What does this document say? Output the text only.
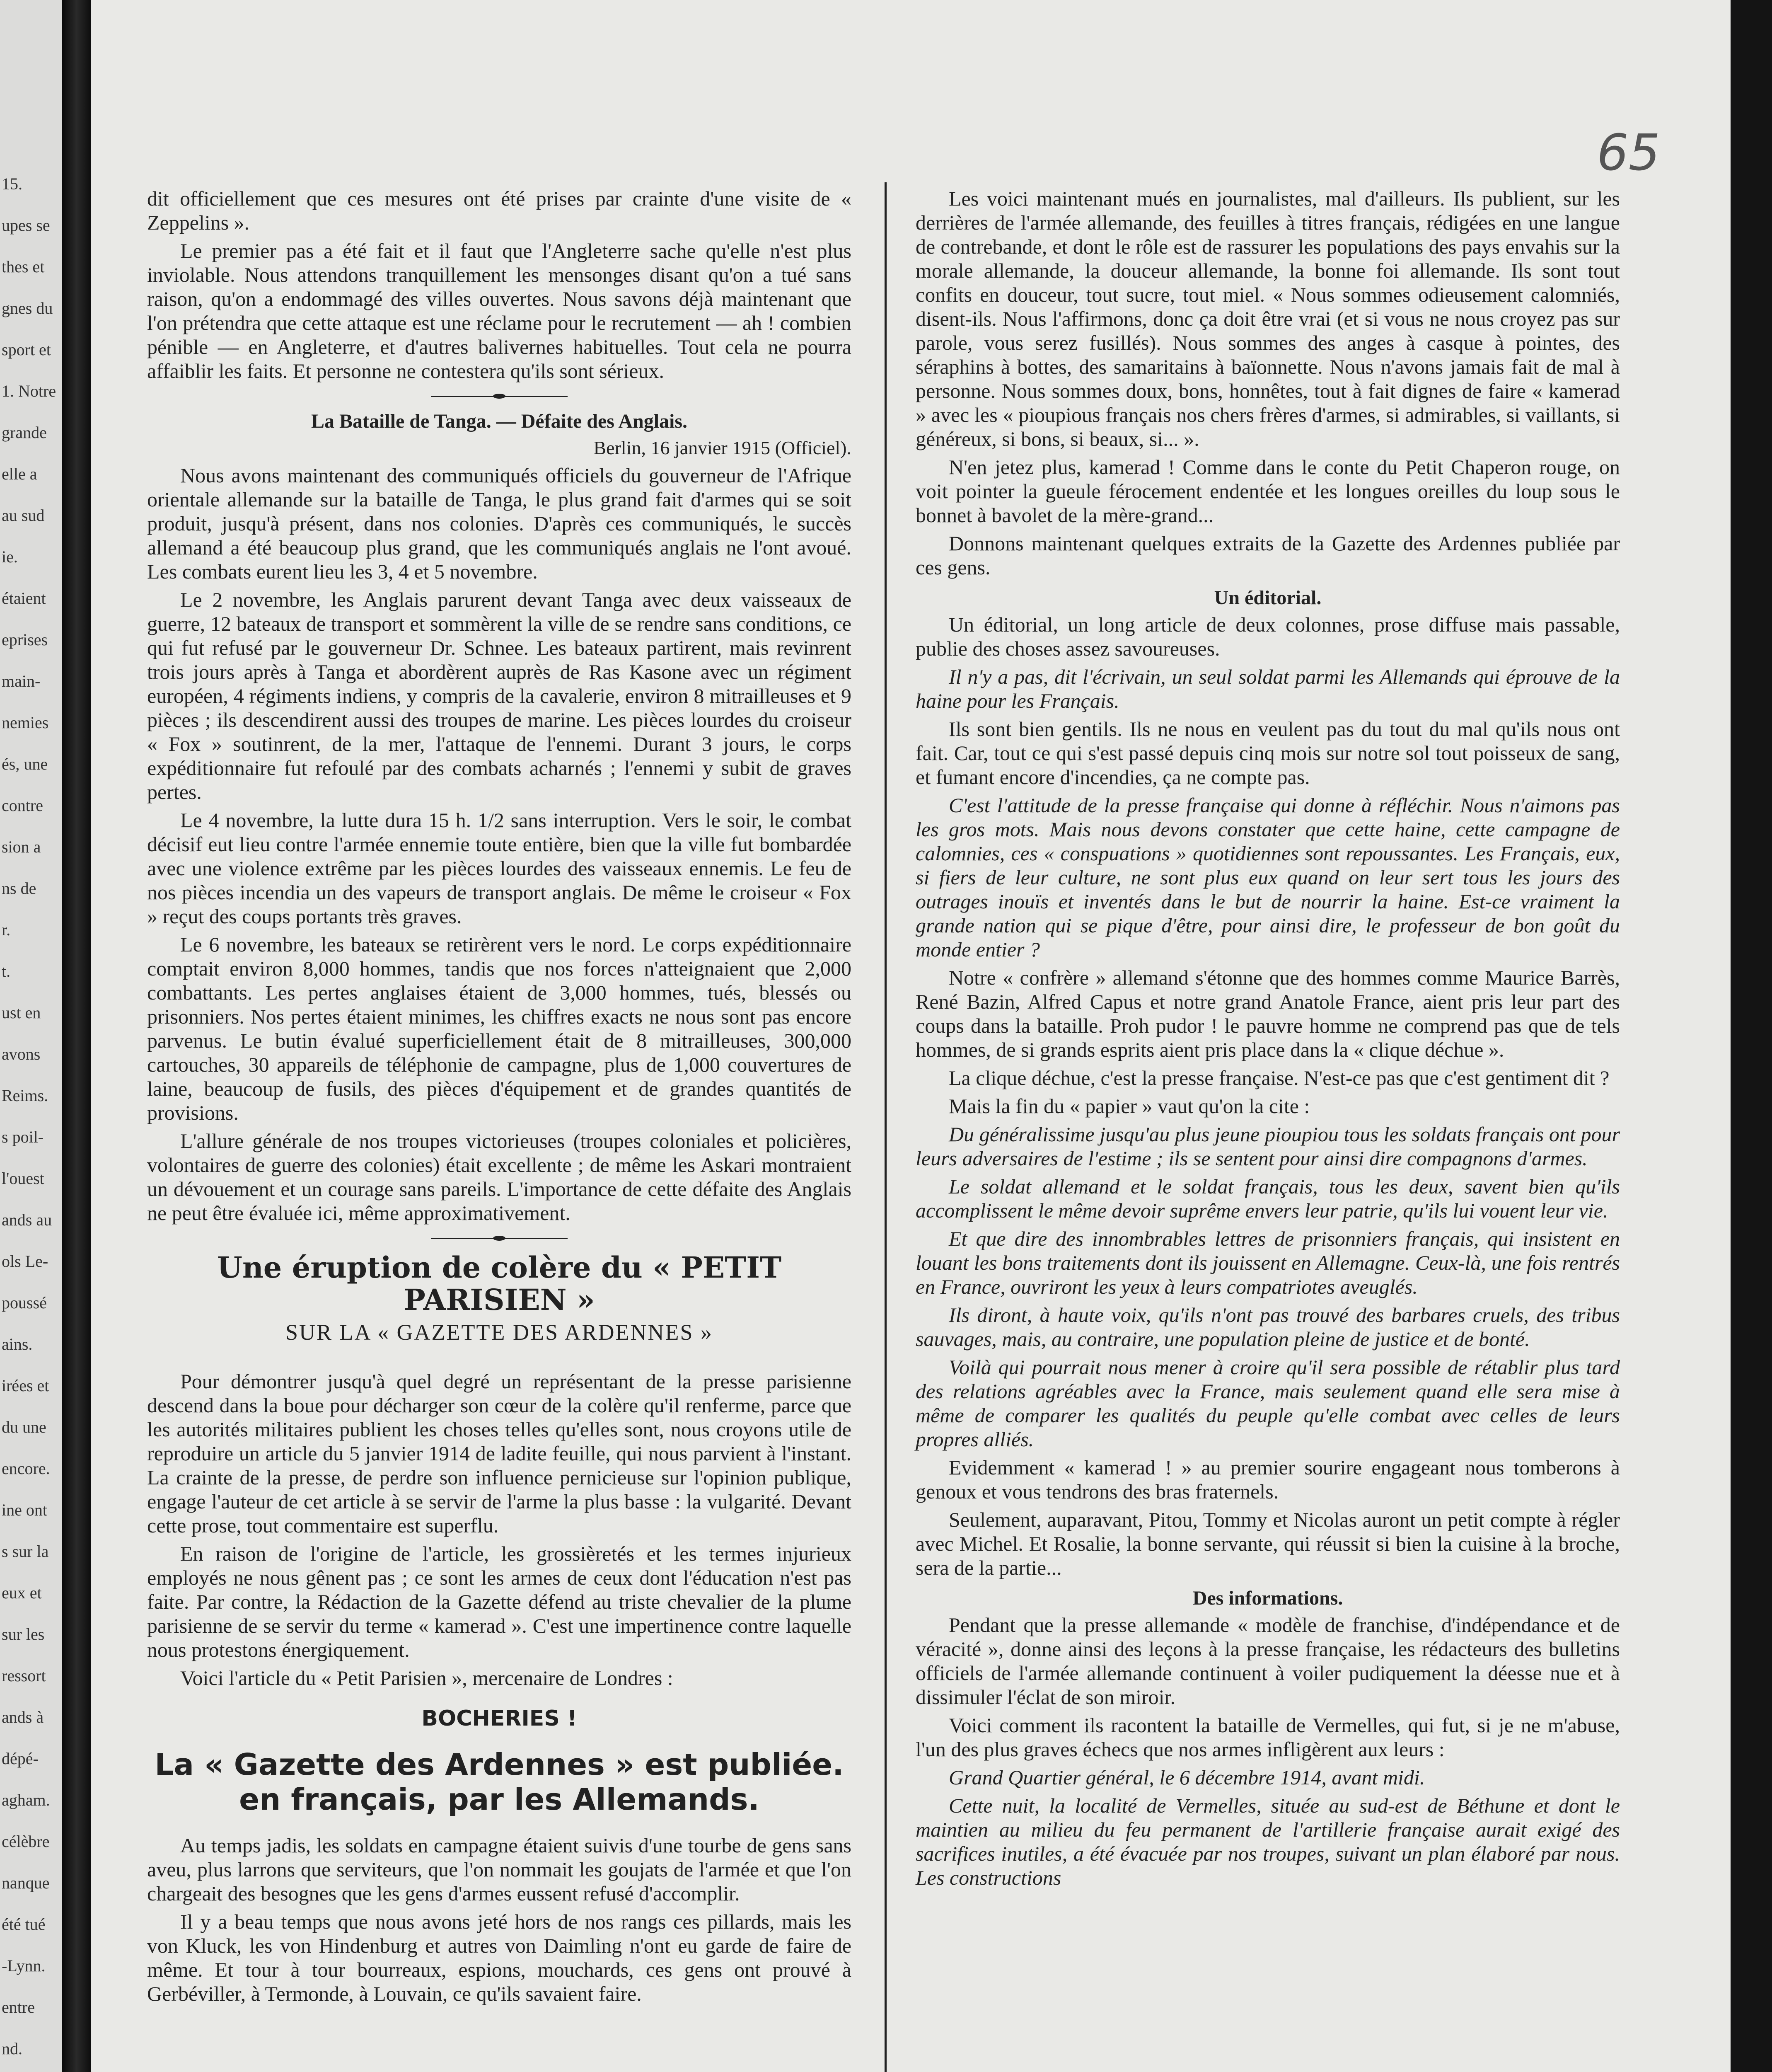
15.
upes se
thes et
gnes du
sport et
1. Notre
grande
elle a
au sud
ie.
étaient
eprises
main-
nemies
és, une
contre
sion a
ns de
r.
t.
ust en
avons
Reims.
s poil-
l'ouest
ands au
ols Le-
poussé
ains.
irées et
du une
encore.
ine ont
s sur la
eux et
sur les
ressort
ands à
dépé-
agham.
célèbre
nanque
été tué
-Lynn.
entre
nd.
65

dit officiellement que ces mesures ont été prises par crainte d'une visite de « Zeppelins ».

Le premier pas a été fait et il faut que l'Angleterre sache qu'elle n'est plus inviolable. Nous attendons tranquillement les mensonges disant qu'on a tué sans raison, qu'on a endommagé des villes ouvertes. Nous savons déjà maintenant que l'on prétendra que cette attaque est une réclame pour le recrutement — ah ! combien pénible — en Angleterre, et d'autres balivernes habituelles. Tout cela ne pourra affaiblir les faits. Et personne ne contestera qu'ils sont sérieux.

La Bataille de Tanga. — Défaite des Anglais.
Berlin, 16 janvier 1915 (Officiel).

Nous avons maintenant des communiqués officiels du gouverneur de l'Afrique orientale allemande sur la bataille de Tanga, le plus grand fait d'armes qui se soit produit, jusqu'à présent, dans nos colonies. D'après ces communiqués, le succès allemand a été beaucoup plus grand, que les communiqués anglais ne l'ont avoué. Les combats eurent lieu les 3, 4 et 5 novembre.

Le 2 novembre, les Anglais parurent devant Tanga avec deux vaisseaux de guerre, 12 bateaux de transport et sommèrent la ville de se rendre sans conditions, ce qui fut refusé par le gouverneur Dr. Schnee. Les bateaux partirent, mais revinrent trois jours après à Tanga et abordèrent auprès de Ras Kasone avec un régiment européen, 4 régiments indiens, y compris de la cavalerie, environ 8 mitrailleuses et 9 pièces ; ils descendirent aussi des troupes de marine. Les pièces lourdes du croiseur « Fox » soutinrent, de la mer, l'attaque de l'ennemi. Durant 3 jours, le corps expéditionnaire fut refoulé par des combats acharnés ; l'ennemi y subit de graves pertes.

Le 4 novembre, la lutte dura 15 h. 1/2 sans interruption. Vers le soir, le combat décisif eut lieu contre l'armée ennemie toute entière, bien que la ville fut bombardée avec une violence extrême par les pièces lourdes des vaisseaux ennemis. Le feu de nos pièces incendia un des vapeurs de transport anglais. De même le croiseur « Fox » reçut des coups portants très graves.

Le 6 novembre, les bateaux se retirèrent vers le nord. Le corps expéditionnaire comptait environ 8,000 hommes, tandis que nos forces n'atteignaient que 2,000 combattants. Les pertes anglaises étaient de 3,000 hommes, tués, blessés ou prisonniers. Nos pertes étaient minimes, les chiffres exacts ne nous sont pas encore parvenus. Le butin évalué superficiellement était de 8 mitrailleuses, 300,000 cartouches, 30 appareils de téléphonie de campagne, plus de 1,000 couvertures de laine, beaucoup de fusils, des pièces d'équipement et de grandes quantités de provisions.

L'allure générale de nos troupes victorieuses (troupes coloniales et policières, volontaires de guerre des colonies) était excellente ; de même les Askari montraient un dévouement et un courage sans pareils. L'importance de cette défaite des Anglais ne peut être évaluée ici, même approximativement.

Une éruption de colère du « PETIT PARISIEN »
SUR LA « GAZETTE DES ARDENNES »

Pour démontrer jusqu'à quel degré un représentant de la presse parisienne descend dans la boue pour décharger son cœur de la colère qu'il renferme, parce que les autorités militaires publient les choses telles qu'elles sont, nous croyons utile de reproduire un article du 5 janvier 1914 de ladite feuille, qui nous parvient à l'instant. La crainte de la presse, de perdre son influence pernicieuse sur l'opinion publique, engage l'auteur de cet article à se servir de l'arme la plus basse : la vulgarité. Devant cette prose, tout commentaire est superflu.

En raison de l'origine de l'article, les grossièretés et les termes injurieux employés ne nous gênent pas ; ce sont les armes de ceux dont l'éducation n'est pas faite. Par contre, la Rédaction de la Gazette défend au triste chevalier de la plume parisienne de se servir du terme « kamerad ». C'est une impertinence contre laquelle nous protestons énergiquement.

Voici l'article du « Petit Parisien », mercenaire de Londres :

BOCHERIES !
La « Gazette des Ardennes » est publiée. en français, par les Allemands.

Au temps jadis, les soldats en campagne étaient suivis d'une tourbe de gens sans aveu, plus larrons que serviteurs, que l'on nommait les goujats de l'armée et que l'on chargeait des besognes que les gens d'armes eussent refusé d'accomplir.

Il y a beau temps que nous avons jeté hors de nos rangs ces pillards, mais les von Kluck, les von Hindenburg et autres von Daimling n'ont eu garde de faire de même. Et tour à tour bourreaux, espions, mouchards, ces gens ont prouvé à Gerbéviller, à Termonde, à Louvain, ce qu'ils savaient faire.

Les voici maintenant mués en journalistes, mal d'ailleurs. Ils publient, sur les derrières de l'armée allemande, des feuilles à titres français, rédigées en une langue de contrebande, et dont le rôle est de rassurer les populations des pays envahis sur la morale allemande, la douceur allemande, la bonne foi allemande. Ils sont tout confits en douceur, tout sucre, tout miel. « Nous sommes odieusement calomniés, disent-ils. Nous l'affirmons, donc ça doit être vrai (et si vous ne nous croyez pas sur parole, vous serez fusillés). Nous sommes des anges à casque à pointes, des séraphins à bottes, des samaritains à baïonnette. Nous n'avons jamais fait de mal à personne. Nous sommes doux, bons, honnêtes, tout à fait dignes de faire « kamerad » avec les « pioupious français nos chers frères d'armes, si admirables, si vaillants, si généreux, si bons, si beaux, si... ».

N'en jetez plus, kamerad ! Comme dans le conte du Petit Chaperon rouge, on voit pointer la gueule férocement endentée et les longues oreilles du loup sous le bonnet à bavolet de la mère-grand...

Donnons maintenant quelques extraits de la Gazette des Ardennes publiée par ces gens.

Un éditorial.

Un éditorial, un long article de deux colonnes, prose diffuse mais passable, publie des choses assez savoureuses.

Il n'y a pas, dit l'écrivain, un seul soldat parmi les Allemands qui éprouve de la haine pour les Français.

Ils sont bien gentils. Ils ne nous en veulent pas du tout du mal qu'ils nous ont fait. Car, tout ce qui s'est passé depuis cinq mois sur notre sol tout poisseux de sang, et fumant encore d'incendies, ça ne compte pas.

C'est l'attitude de la presse française qui donne à réfléchir. Nous n'aimons pas les gros mots. Mais nous devons constater que cette haine, cette campagne de calomnies, ces « conspuations » quotidiennes sont repoussantes. Les Français, eux, si fiers de leur culture, ne sont plus eux quand on leur sert tous les jours des outrages inouïs et inventés dans le but de nourrir la haine. Est-ce vraiment la grande nation qui se pique d'être, pour ainsi dire, le professeur de bon goût du monde entier ?

Notre « confrère » allemand s'étonne que des hommes comme Maurice Barrès, René Bazin, Alfred Capus et notre grand Anatole France, aient pris leur part des coups dans la bataille. Proh pudor ! le pauvre homme ne comprend pas que de tels hommes, de si grands esprits aient pris place dans la « clique déchue ».

La clique déchue, c'est la presse française. N'est-ce pas que c'est gentiment dit ?

Mais la fin du « papier » vaut qu'on la cite :

Du généralissime jusqu'au plus jeune pioupiou tous les soldats français ont pour leurs adversaires de l'estime ; ils se sentent pour ainsi dire compagnons d'armes.

Le soldat allemand et le soldat français, tous les deux, savent bien qu'ils accomplissent le même devoir suprême envers leur patrie, qu'ils lui vouent leur vie.

Et que dire des innombrables lettres de prisonniers français, qui insistent en louant les bons traitements dont ils jouissent en Allemagne. Ceux-là, une fois rentrés en France, ouvriront les yeux à leurs compatriotes aveuglés.

Ils diront, à haute voix, qu'ils n'ont pas trouvé des barbares cruels, des tribus sauvages, mais, au contraire, une population pleine de justice et de bonté.

Voilà qui pourrait nous mener à croire qu'il sera possible de rétablir plus tard des relations agréables avec la France, mais seulement quand elle sera mise à même de comparer les qualités du peuple qu'elle combat avec celles de leurs propres alliés.

Evidemment « kamerad ! » au premier sourire engageant nous tomberons à genoux et vous tendrons des bras fraternels.

Seulement, auparavant, Pitou, Tommy et Nicolas auront un petit compte à régler avec Michel. Et Rosalie, la bonne servante, qui réussit si bien la cuisine à la broche, sera de la partie...

Des informations.

Pendant que la presse allemande « modèle de franchise, d'indépendance et de véracité », donne ainsi des leçons à la presse française, les rédacteurs des bulletins officiels de l'armée allemande continuent à voiler pudiquement la déesse nue et à dissimuler l'éclat de son miroir.

Voici comment ils racontent la bataille de Vermelles, qui fut, si je ne m'abuse, l'un des plus graves échecs que nos armes infligèrent aux leurs :

Grand Quartier général, le 6 décembre 1914, avant midi.

Cette nuit, la localité de Vermelles, située au sud-est de Béthune et dont le maintien au milieu du feu permanent de l'artillerie française aurait exigé des sacrifices inutiles, a été évacuée par nos troupes, suivant un plan élaboré par nous. Les constructions
